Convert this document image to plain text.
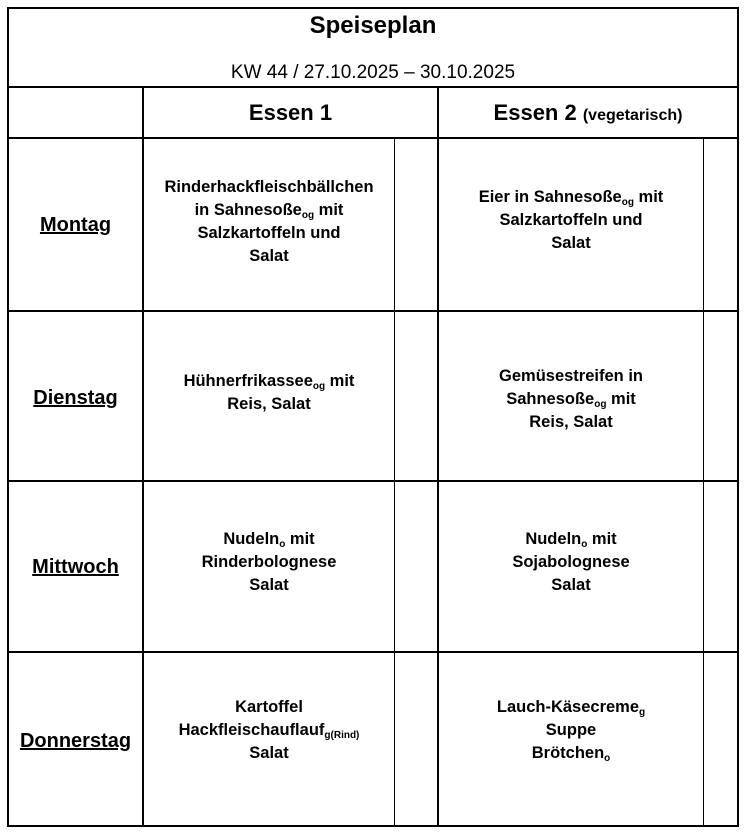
Speiseplan
KW 44 / 27.10.2025 – 30.10.2025
Essen 1	Essen 2 (vegetarisch)
Montag
Dienstag
Mittwoch
Donnerstag
Rinderhackfleischbällchen
in Sahnesoße$_{og}$ mit
Salzkartoffeln und
Salat
Eier in Sahnesoße$_{og}$ mit
Salzkartoffeln und
Salat
Hühnerfrikassee$_{og}$ mit
Reis, Salat
Gemüsestreifen in
Sahnesoße$_{og}$ mit
Reis, Salat
Nudeln$_o$ mit
Rinderbolognese
Salat
Nudeln$_o$ mit
Sojabolognese
Salat
Kartoffel
Hackfleischauflauf$_{g(Rind)}$
Salat
Lauch-Käsecreme$_g$
Suppe
Brötchen$_o$
